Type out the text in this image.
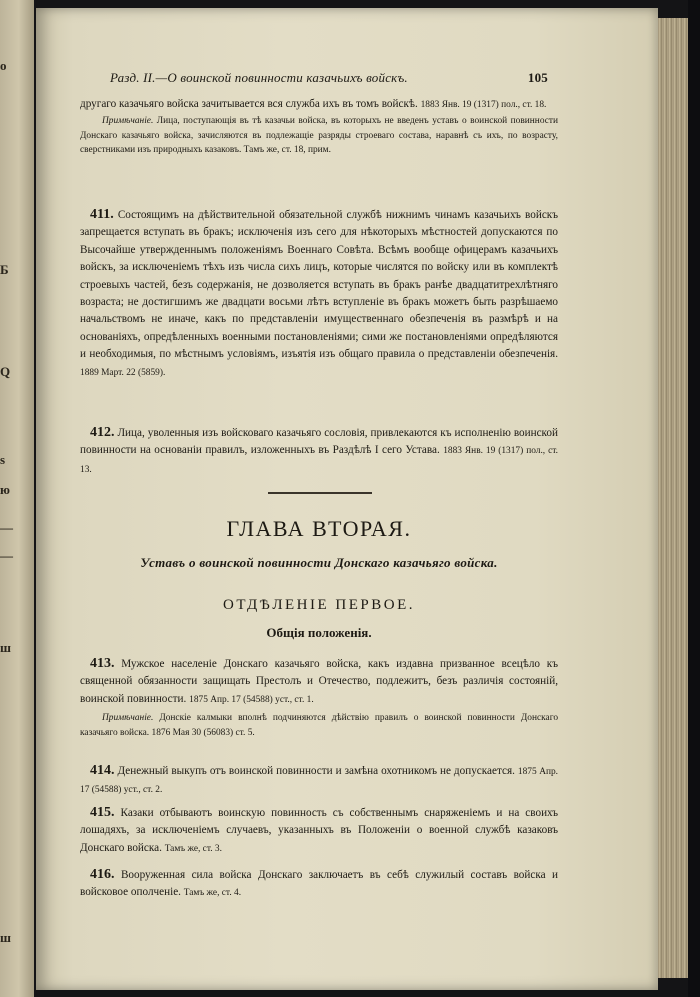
о
Б
Q
s
ю
—
—
ш
ш
Разд. II.—О воинской повинности казачьихъ войскъ.	105

другаго казачьяго войска зачитывается вся служба ихъ въ томъ войскѣ. 1883 Янв. 19 (1317) пол., ст. 18.

Примѣчаніе. Лица, поступающія въ тѣ казачьи войска, въ которыхъ не введенъ уставъ о воинской повинности Донскаго казачьяго войска, зачисляются въ подлежащіе разряды строеваго состава, наравнѣ съ ихъ, по возрасту, сверстниками изъ природныхъ казаковъ. Тамъ же, ст. 18, прим.

411. Состоящимъ на дѣйствительной обязательной службѣ нижнимъ чинамъ казачьихъ войскъ запрещается вступать въ бракъ; исключенія изъ сего для нѣкоторыхъ мѣстностей допускаются по Высочайше утвержденнымъ положеніямъ Военнаго Совѣта. Всѣмъ вообще офицерамъ казачьихъ войскъ, за исключеніемъ тѣхъ изъ числа сихъ лицъ, которые числятся по войску или въ комплектѣ строевыхъ частей, безъ содержанія, не дозволяется вступать въ бракъ ранѣе двадцатитрехлѣтняго возраста; не достигшимъ же двадцати восьми лѣтъ вступленіе въ бракъ можетъ быть разрѣшаемо начальствомъ не иначе, какъ по представленіи имущественнаго обезпеченія въ размѣрѣ и на основаніяхъ, опредѣленныхъ военными постановленіями; сими же постановленіями опредѣляются и необходимыя, по мѣстнымъ условіямъ, изъятія изъ общаго правила о представленіи обезпеченія. 1889 Март. 22 (5859).

412. Лица, уволенныя изъ войсковаго казачьяго сословія, привлекаются къ исполненію воинской повинности на основаніи правилъ, изложенныхъ въ Раздѣлѣ I сего Устава. 1883 Янв. 19 (1317) пол., ст. 13.

ГЛАВА ВТОРАЯ.
Уставъ о воинской повинности Донскаго казачьяго войска.
ОТДѢЛЕНІЕ ПЕРВОЕ.
Общія положенія.

413. Мужское населеніе Донскаго казачьяго войска, какъ издавна призванное всецѣло къ священной обязанности защищать Престолъ и Отечество, подлежитъ, безъ различія состояній, воинской повинности. 1875 Апр. 17 (54588) уст., ст. 1.

Примѣчаніе. Донскіе калмыки вполнѣ подчиняются дѣйствію правилъ о воинской повинности Донскаго казачьяго войска. 1876 Мая 30 (56083) ст. 5.

414. Денежный выкупъ отъ воинской повинности и замѣна охотникомъ не допускается. 1875 Апр. 17 (54588) уст., ст. 2.

415. Казаки отбываютъ воинскую повинность съ собственнымъ снаряженіемъ и на своихъ лошадяхъ, за исключеніемъ случаевъ, указанныхъ въ Положеніи о военной службѣ казаковъ Донскаго войска. Тамъ же, ст. 3.

416. Вооруженная сила войска Донскаго заключаетъ въ себѣ служилый составъ войска и войсковое ополченіе. Тамъ же, ст. 4.
